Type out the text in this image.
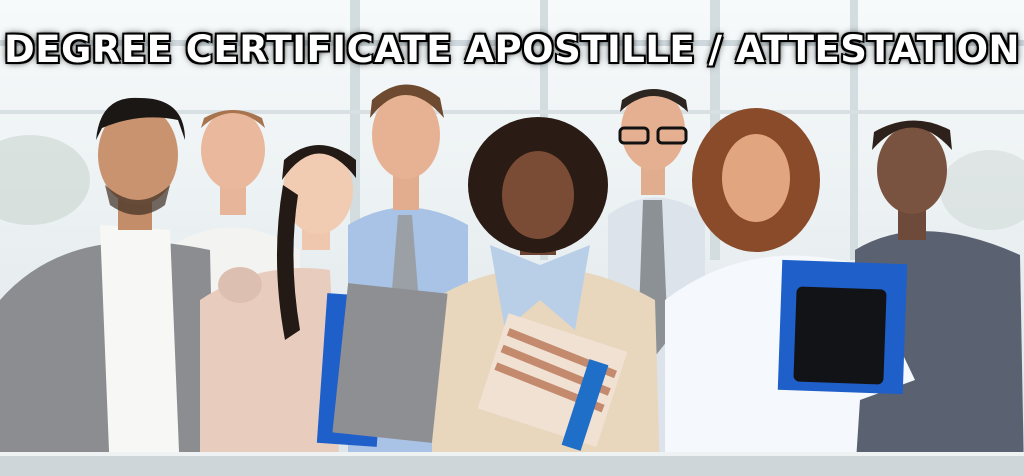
DEGREE CERTIFICATE APOSTILLE / ATTESTATION
